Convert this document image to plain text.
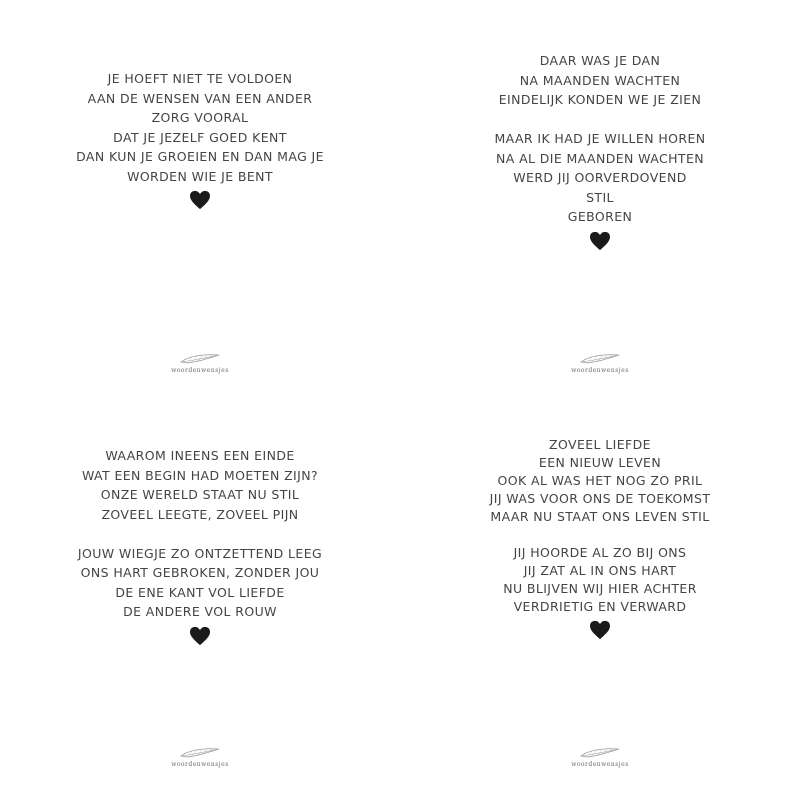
JE HOEFT NIET TE VOLDOEN
AAN DE WENSEN VAN EEN ANDER
ZORG VOORAL
DAT JE JEZELF GOED KENT
DAN KUN JE GROEIEN EN DAN MAG JE
WORDEN WIE JE BENT
woordenwensjes
DAAR WAS JE DAN
NA MAANDEN WACHTEN
EINDELIJK KONDEN WE JE ZIEN
MAAR IK HAD JE WILLEN HOREN
NA AL DIE MAANDEN WACHTEN
WERD JIJ OORVERDOVEND
STIL
GEBOREN
woordenwensjes
WAAROM INEENS EEN EINDE
WAT EEN BEGIN HAD MOETEN ZIJN?
ONZE WERELD STAAT NU STIL
ZOVEEL LEEGTE, ZOVEEL PIJN
JOUW WIEGJE ZO ONTZETTEND LEEG
ONS HART GEBROKEN, ZONDER JOU
DE ENE KANT VOL LIEFDE
DE ANDERE VOL ROUW
woordenwensjes
ZOVEEL LIEFDE
EEN NIEUW LEVEN
OOK AL WAS HET NOG ZO PRIL
JIJ WAS VOOR ONS DE TOEKOMST
MAAR NU STAAT ONS LEVEN STIL
JIJ HOORDE AL ZO BIJ ONS
JIJ ZAT AL IN ONS HART
NU BLIJVEN WIJ HIER ACHTER
VERDRIETIG EN VERWARD
woordenwensjes
